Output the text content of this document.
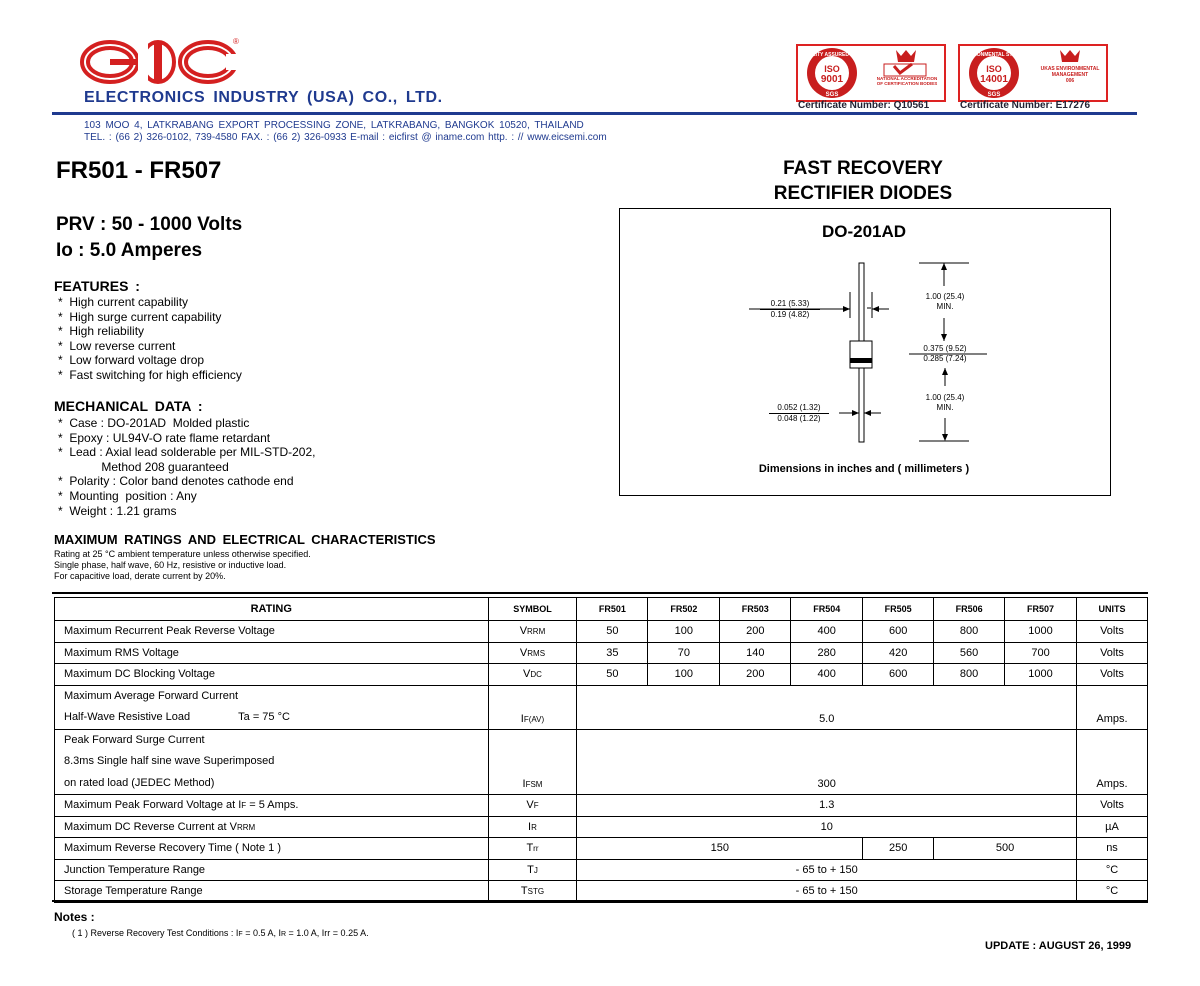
®
EIC
ELECTRONICS INDUSTRY (USA) CO., LTD.
103 MOO 4, LATKRABANG EXPORT PROCESSING ZONE, LATKRABANG, BANGKOK 10520, THAILAND
TEL. : (66 2) 326-0102, 739-4580 FAX. : (66 2) 326-0933 E-mail : eicfirst @ iname.com http. : // www.eicsemi.com
QUALITY ASSURED FIRM
ISO
9001
SGS
NATIONAL ACCREDITATION OF CERTIFICATION BODIES
ENVIRONMENTAL SYSTEM
ISO
14001
SGS
UKAS ENVIRONMENTAL MANAGEMENT
006
Certificate Number: Q10561	Certificate Number: E17276
FR501 - FR507
PRV : 50 - 1000 Volts
Io : 5.0 Amperes
FAST RECOVERY
RECTIFIER DIODES
FEATURES :
*  High current capability
*  High surge current capability
*  High reliability
*  Low reverse current
*  Low forward voltage drop
*  Fast switching for high efficiency
MECHANICAL DATA :
*  Case : DO-201AD  Molded plastic
*  Epoxy : UL94V-O rate flame retardant
*  Lead : Axial lead solderable per MIL-STD-202,
Method 208 guaranteed
*  Polarity : Color band denotes cathode end
*  Mounting  position : Any
*  Weight : 1.21 grams
DO-201AD
0.21 (5.33)
0.19 (4.82)
1.00 (25.4)
MIN.
0.375 (9.52)
0.285 (7.24)
1.00 (25.4)
MIN.
0.052 (1.32)
0.048 (1.22)
Dimensions in inches and ( millimeters )
MAXIMUM RATINGS AND ELECTRICAL CHARACTERISTICS
Rating at 25 °C ambient temperature unless otherwise specified.
Single phase, half wave, 60 Hz, resistive or inductive load.
For capacitive load, derate current by 20%.
RATING	SYMBOL	FR501	FR502	FR503	FR504	FR505	FR506	FR507	UNITS
Maximum Recurrent Peak Reverse Voltage	VRRM	50	100	200	400	600	800	1000	Volts
Maximum RMS Voltage	VRMS	35	70	140	280	420	560	700	Volts
Maximum DC Blocking Voltage	VDC	50	100	200	400	600	800	1000	Volts

Maximum Average Forward Current
Half-Wave Resistive Load Ta = 75 °C	IF(AV)	5.0							Amps.

Peak Forward Surge Current
8.3ms Single half sine wave Superimposed
on rated load (JEDEC Method)	IFSM	300							Amps.
Maximum Peak Forward Voltage at IF = 5 Amps.	VF	1.3							Volts
Maximum DC Reverse Current at VRRM	IR	10							µA
Maximum Reverse Recovery Time ( Note 1 )	Trr	150				250	500		ns
Junction Temperature Range	TJ	- 65 to + 150							°C
Storage Temperature Range	TSTG	- 65 to + 150							°C
Notes :
( 1 ) Reverse Recovery Test Conditions : IF = 0.5 A, IR = 1.0 A, Irr = 0.25 A.
UPDATE : AUGUST 26, 1999
